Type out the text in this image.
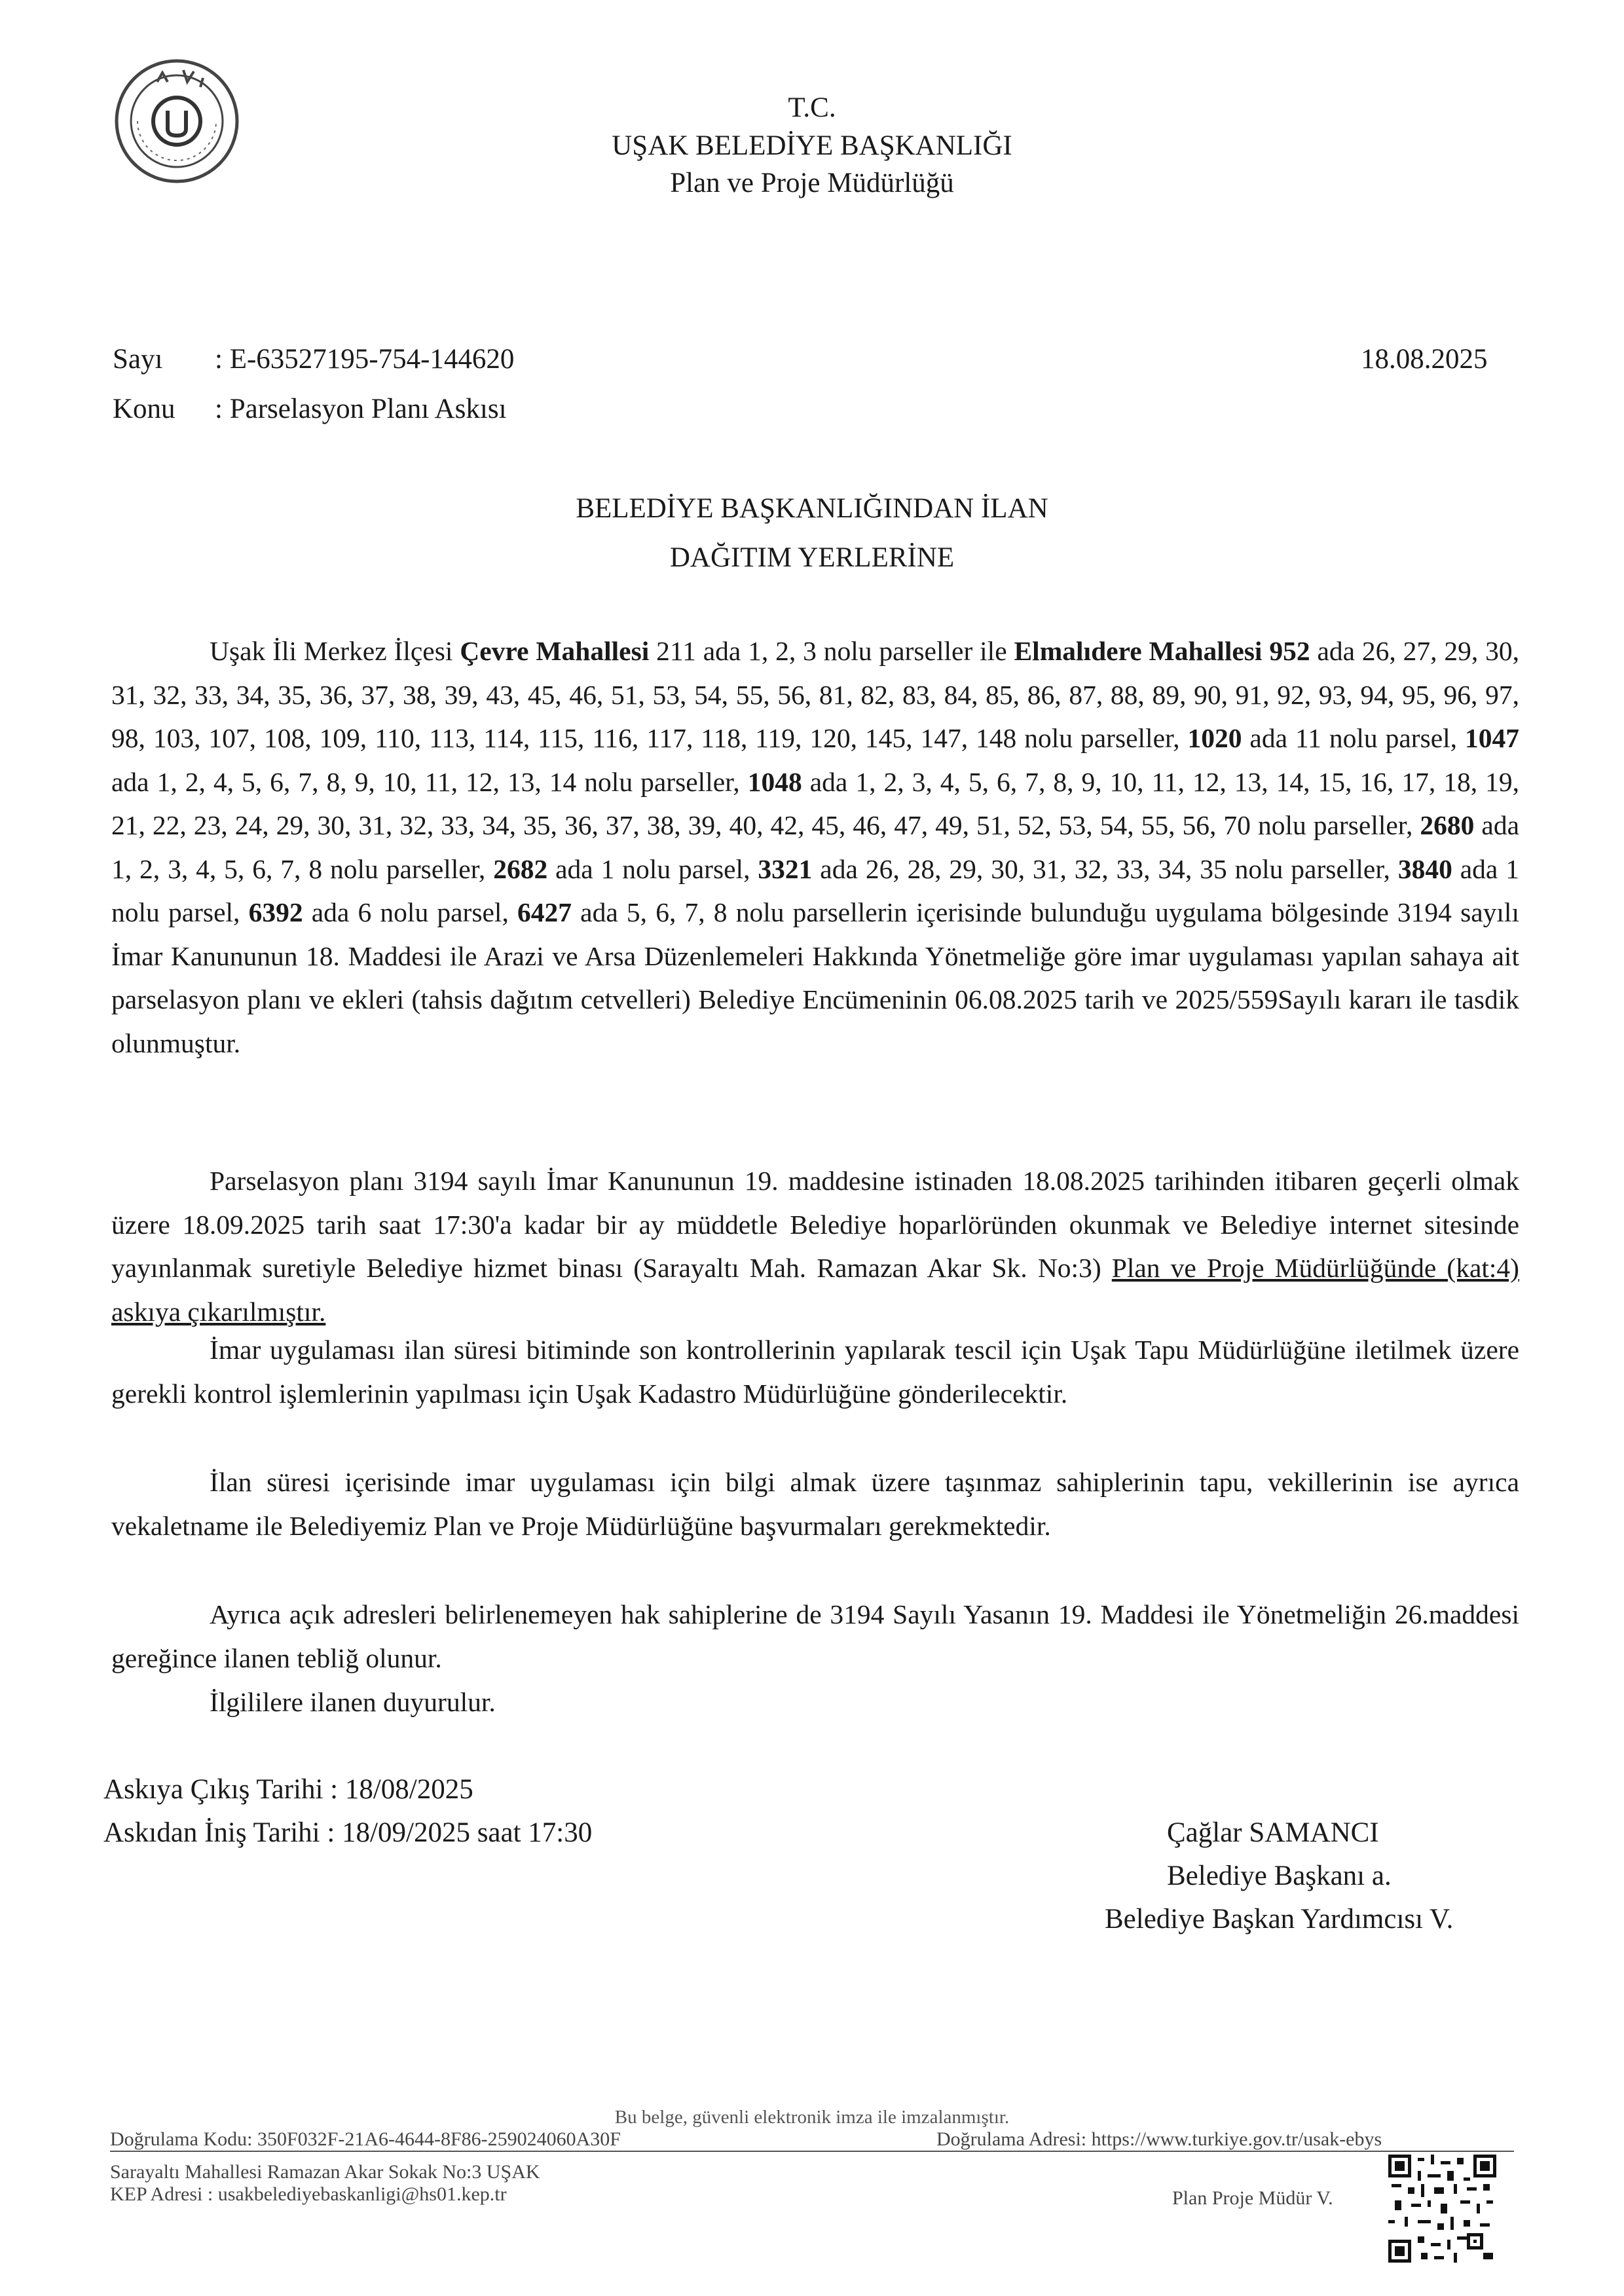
T.C.
UŞAK BELEDİYE BAŞKANLIĞI
Plan ve Proje Müdürlüğü
Sayı : E-63527195-754-144620	18.08.2025
Konu : Parselasyon Planı Askısı
BELEDİYE BAŞKANLIĞINDAN İLAN
DAĞITIM YERLERİNE
Uşak İli Merkez İlçesi Çevre Mahallesi 211 ada 1, 2, 3 nolu parseller ile Elmalıdere Mahallesi 952 ada 26, 27, 29, 30, 31, 32, 33, 34, 35, 36, 37, 38, 39, 43, 45, 46, 51, 53, 54, 55, 56, 81, 82, 83, 84, 85, 86, 87, 88, 89, 90, 91, 92, 93, 94, 95, 96, 97, 98, 103, 107, 108, 109, 110, 113, 114, 115, 116, 117, 118, 119, 120, 145, 147, 148 nolu parseller, 1020 ada 11 nolu parsel, 1047 ada 1, 2, 4, 5, 6, 7, 8, 9, 10, 11, 12, 13, 14 nolu parseller, 1048 ada 1, 2, 3, 4, 5, 6, 7, 8, 9, 10, 11, 12, 13, 14, 15, 16, 17, 18, 19, 21, 22, 23, 24, 29, 30, 31, 32, 33, 34, 35, 36, 37, 38, 39, 40, 42, 45, 46, 47, 49, 51, 52, 53, 54, 55, 56, 70 nolu parseller, 2680 ada 1, 2, 3, 4, 5, 6, 7, 8 nolu parseller, 2682 ada 1 nolu parsel, 3321 ada 26, 28, 29, 30, 31, 32, 33, 34, 35 nolu parseller, 3840 ada 1 nolu parsel, 6392 ada 6 nolu parsel, 6427 ada 5, 6, 7, 8 nolu parsellerin içerisinde bulunduğu uygulama bölgesinde 3194 sayılı İmar Kanununun 18. Maddesi ile Arazi ve Arsa Düzenlemeleri Hakkında Yönetmeliğe göre imar uygulaması yapılan sahaya ait parselasyon planı ve ekleri (tahsis dağıtım cetvelleri) Belediye Encümeninin 06.08.2025 tarih ve 2025/559Sayılı kararı ile tasdik olunmuştur.
Parselasyon planı 3194 sayılı İmar Kanununun 19. maddesine istinaden 18.08.2025 tarihinden itibaren geçerli olmak üzere 18.09.2025 tarih saat 17:30'a kadar bir ay müddetle Belediye hoparlöründen okunmak ve Belediye internet sitesinde yayınlanmak suretiyle Belediye hizmet binası (Sarayaltı Mah. Ramazan Akar Sk. No:3) Plan ve Proje Müdürlüğünde (kat:4) askıya çıkarılmıştır.
İmar uygulaması ilan süresi bitiminde son kontrollerinin yapılarak tescil için Uşak Tapu Müdürlüğüne iletilmek üzere gerekli kontrol işlemlerinin yapılması için Uşak Kadastro Müdürlüğüne gönderilecektir.
İlan süresi içerisinde imar uygulaması için bilgi almak üzere taşınmaz sahiplerinin tapu, vekillerinin ise ayrıca vekaletname ile Belediyemiz Plan ve Proje Müdürlüğüne başvurmaları gerekmektedir.
Ayrıca açık adresleri belirlenemeyen hak sahiplerine de 3194 Sayılı Yasanın 19. Maddesi ile Yönetmeliğin 26.maddesi gereğince ilanen tebliğ olunur.
İlgililere ilanen duyurulur.
Askıya Çıkış Tarihi : 18/08/2025
Askıdan İniş Tarihi : 18/09/2025 saat 17:30	Çağlar SAMANCI
Belediye Başkanı a.
Belediye Başkan Yardımcısı V.
Bu belge, güvenli elektronik imza ile imzalanmıştır.
Doğrulama Kodu: 350F032F-21A6-4644-8F86-259024060A30F	Doğrulama Adresi: https://www.turkiye.gov.tr/usak-ebys
Sarayaltı Mahallesi Ramazan Akar Sokak No:3 UŞAK
KEP Adresi : usakbelediyebaskanligi@hs01.kep.tr	Plan Proje Müdür V.
